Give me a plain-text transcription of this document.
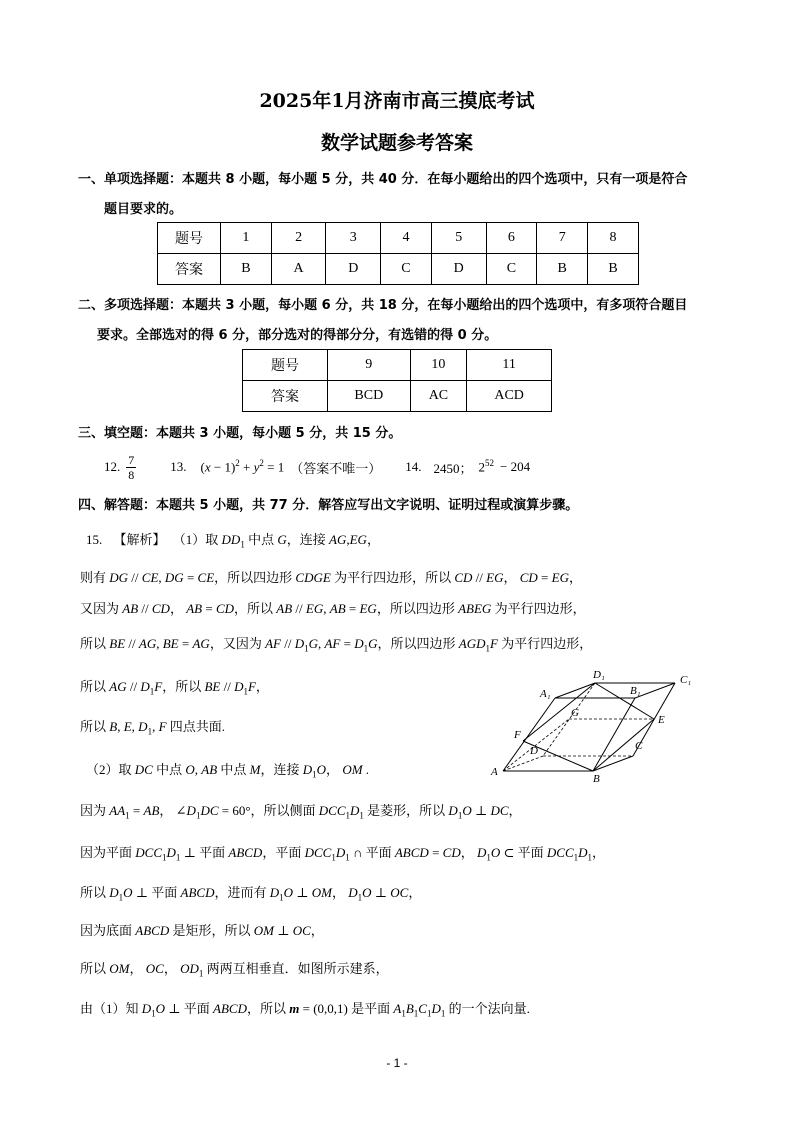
2025年1月济南市高三摸底考试
数学试题参考答案
一、单项选择题：本题共 8 小题，每小题 5 分，共 40 分．在每小题给出的四个选项中，只有一项是符合
题目要求的。
题号	1	2	3	4	5	6	7	8
答案	B	A	D	C	D	C	B	B
二、多项选择题：本题共 3 小题，每小题 6 分，共 18 分，在每小题给出的四个选项中，有多项符合题目
要求。全部选对的得 6 分，部分选对的得部分分，有选错的得 0 分。
题号	9	10	11
答案	BCD	AC	ACD
三、填空题：本题共 3 小题，每小题 5 分，共 15 分。
12. $\frac{7}{8}$	13. $(x - 1)^2 + y^2 = 1$ （答案不唯一） 14. 2450； $2^{52} - 204$
四、解答题：本题共 5 小题，共 77 分．解答应写出文字说明、证明过程或演算步骤。
15. 【解析】 （1）取 $DD_1$ 中点 G，连接 AG,EG，
则有 DG // CE, DG = CE，所以四边形 CDGE 为平行四边形，所以 CD // EG， CD = EG，
又因为 AB // CD， AB = CD，所以 AB // EG, AB = EG，所以四边形 ABEG 为平行四边形，
所以 BE // AG, BE = AG，又因为 AF // $D_1G$, AF = $D_1G$，所以四边形 $AGD_1F$ 为平行四边形，
所以 AG // $D_1F$，所以 BE // $D_1F$，
所以 B, E, $D_1$, F 四点共面.
（2）取 DC 中点 O, AB 中点 M，连接 $D_1O$， OM .
因为 $AA_1$ = AB， $\angle D_1DC = 60^\circ$，所以侧面 $DCC_1D_1$ 是菱形，所以 $D_1O$ ⊥ DC，
因为平面 $DCC_1D_1$ ⊥ 平面 ABCD，平面 $DCC_1D_1$ ∩ 平面 ABCD = CD， $D_1O$ ⊂ 平面 $DCC_1D_1$，
所以 $D_1O$ ⊥ 平面 ABCD，进而有 $D_1O$ ⊥ OM， $D_1O$ ⊥ OC，
因为底面 ABCD 是矩形，所以 OM ⊥ OC，
所以 OM， OC， $OD_1$ 两两互相垂直．如图所示建系，
由（1）知 $D_1O$ ⊥ 平面 ABCD，所以 m = (0,0,1) 是平面 $A_1B_1C_1D_1$ 的一个法向量.
D₁	C₁
A₁	B₁
G
E
F
D	C
A
B
- 1 -
